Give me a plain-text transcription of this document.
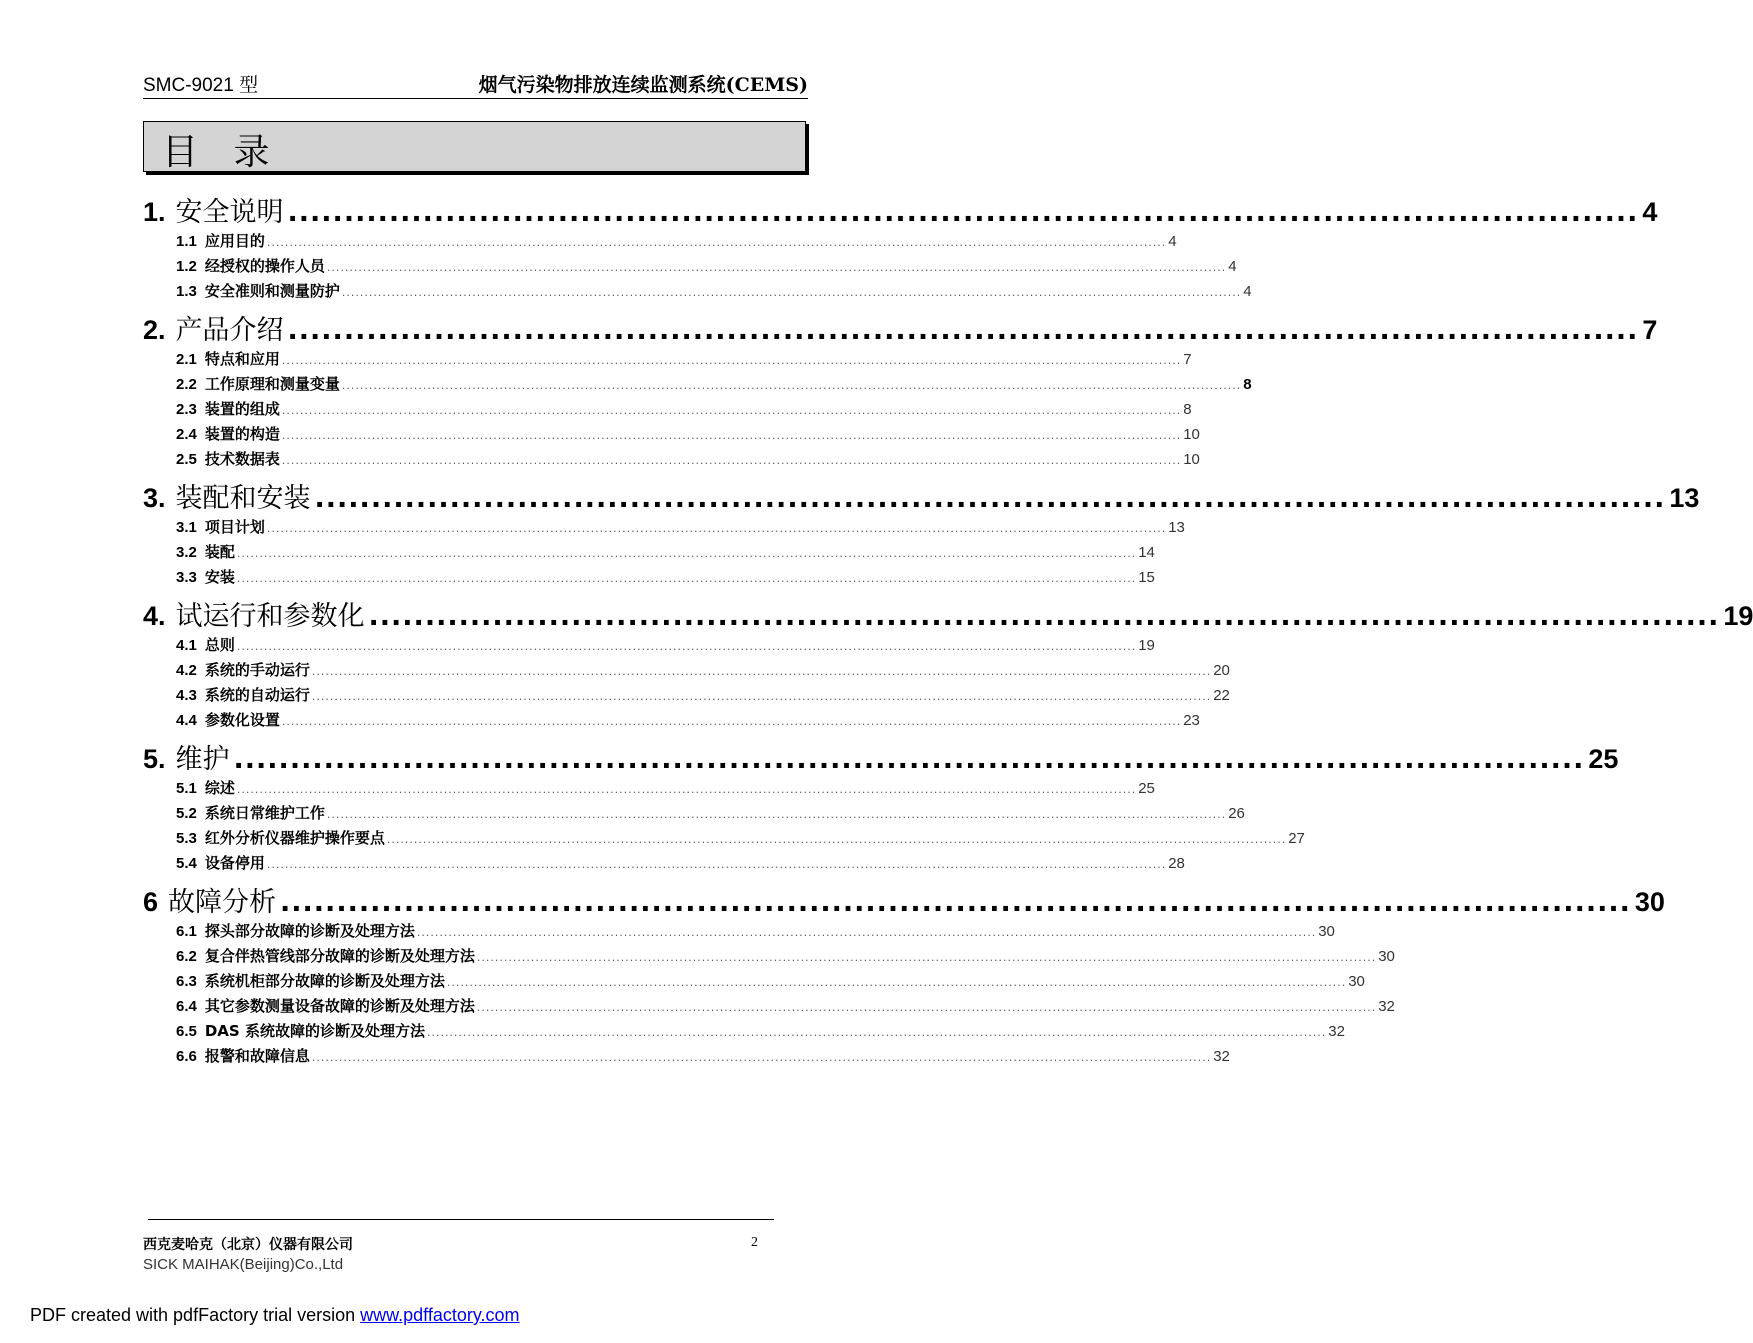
SMC-9021 型	烟气污染物排放连续监测系统(CEMS)
目 录
1. 安全说明 ........................................................................................................................ 4
1.1 应用目的 ........................................................................................................................................................................................................ 4
1.2 经授权的操作人员 ........................................................................................................................................................................................................ 4
1.3 安全准则和测量防护 ........................................................................................................................................................................................................ 4
2. 产品介绍 ........................................................................................................................ 7
2.1 特点和应用 ........................................................................................................................................................................................................ 7
2.2 工作原理和测量变量 ........................................................................................................................................................................................................ 8
2.3 装置的组成 ........................................................................................................................................................................................................ 8
2.4 装置的构造 ........................................................................................................................................................................................................ 10
2.5 技术数据表 ........................................................................................................................................................................................................ 10
3. 装配和安装 ........................................................................................................................ 13
3.1 项目计划 ........................................................................................................................................................................................................ 13
3.2 装配 ........................................................................................................................................................................................................ 14
3.3 安装 ........................................................................................................................................................................................................ 15
4. 试运行和参数化 ........................................................................................................................ 19
4.1 总则 ........................................................................................................................................................................................................ 19
4.2 系统的手动运行 ........................................................................................................................................................................................................ 20
4.3 系统的自动运行 ........................................................................................................................................................................................................ 22
4.4 参数化设置 ........................................................................................................................................................................................................ 23
5. 维护 ........................................................................................................................ 25
5.1 综述 ........................................................................................................................................................................................................ 25
5.2 系统日常维护工作 ........................................................................................................................................................................................................ 26
5.3 红外分析仪器维护操作要点 ........................................................................................................................................................................................................ 27
5.4 设备停用 ........................................................................................................................................................................................................ 28
6 故障分析 ........................................................................................................................ 30
6.1 探头部分故障的诊断及处理方法 ........................................................................................................................................................................................................ 30
6.2 复合伴热管线部分故障的诊断及处理方法 ........................................................................................................................................................................................................ 30
6.3 系统机柜部分故障的诊断及处理方法 ........................................................................................................................................................................................................ 30
6.4 其它参数测量设备故障的诊断及处理方法 ........................................................................................................................................................................................................ 32
6.5 DAS 系统故障的诊断及处理方法 ........................................................................................................................................................................................................ 32
6.6 报警和故障信息 ........................................................................................................................................................................................................ 32
西克麦哈克（北京）仪器有限公司	2
SICK MAIHAK(Beijing)Co.,Ltd
PDF created with pdfFactory trial version www.pdffactory.com
